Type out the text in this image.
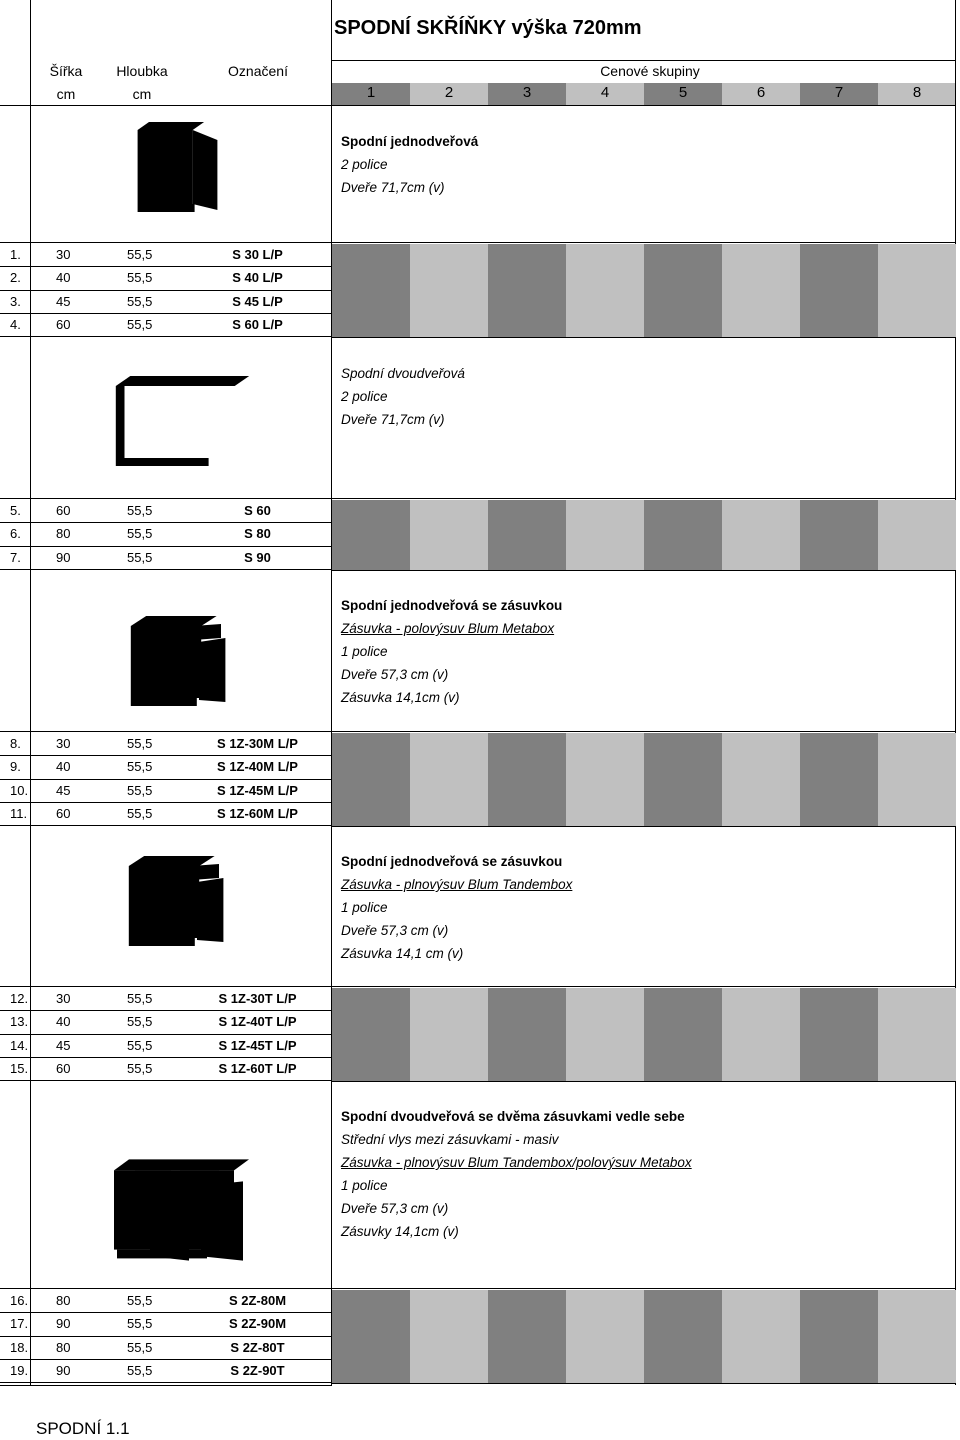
SPODNÍ SKŘÍŇKY výška 720mm
Šířka	Hloubka	Označení
cm	cm
Cenové skupiny
1	2	3	4	5	6	7	8
Spodní jednodveřová
2 police
Dveře 71,7cm (v)
1.	30	55,5	S 30 L/P
2.	40	55,5	S 40 L/P
3.	45	55,5	S 45 L/P
4.	60	55,5	S 60 L/P
Spodní dvoudveřová
2 police
Dveře 71,7cm (v)
5.	60	55,5	S 60
6.	80	55,5	S 80
7.	90	55,5	S 90
Spodní jednodveřová se zásuvkou
Zásuvka - polovýsuv Blum Metabox
1 police
Dveře 57,3 cm (v)
Zásuvka 14,1cm (v)
8.	30	55,5	S 1Z-30M L/P
9.	40	55,5	S 1Z-40M L/P
10. 45	55,5	S 1Z-45M L/P
11. 60	55,5	S 1Z-60M L/P
Spodní jednodveřová se zásuvkou
Zásuvka - plnovýsuv Blum Tandembox
1 police
Dveře 57,3 cm (v)
Zásuvka 14,1 cm (v)
12. 30	55,5	S 1Z-30T L/P
13. 40	55,5	S 1Z-40T L/P
14. 45	55,5	S 1Z-45T L/P
15. 60	55,5	S 1Z-60T L/P
Spodní dvoudveřová se dvěma zásuvkami vedle sebe
Střední vlys mezi zásuvkami - masiv
Zásuvka - plnovýsuv Blum Tandembox/polovýsuv Metabox
1 police
Dveře 57,3 cm (v)
Zásuvky 14,1cm (v)
16. 80	55,5	S 2Z-80M
17. 90	55,5	S 2Z-90M
18. 80	55,5	S 2Z-80T
19. 90	55,5	S 2Z-90T
SPODNÍ 1.1
